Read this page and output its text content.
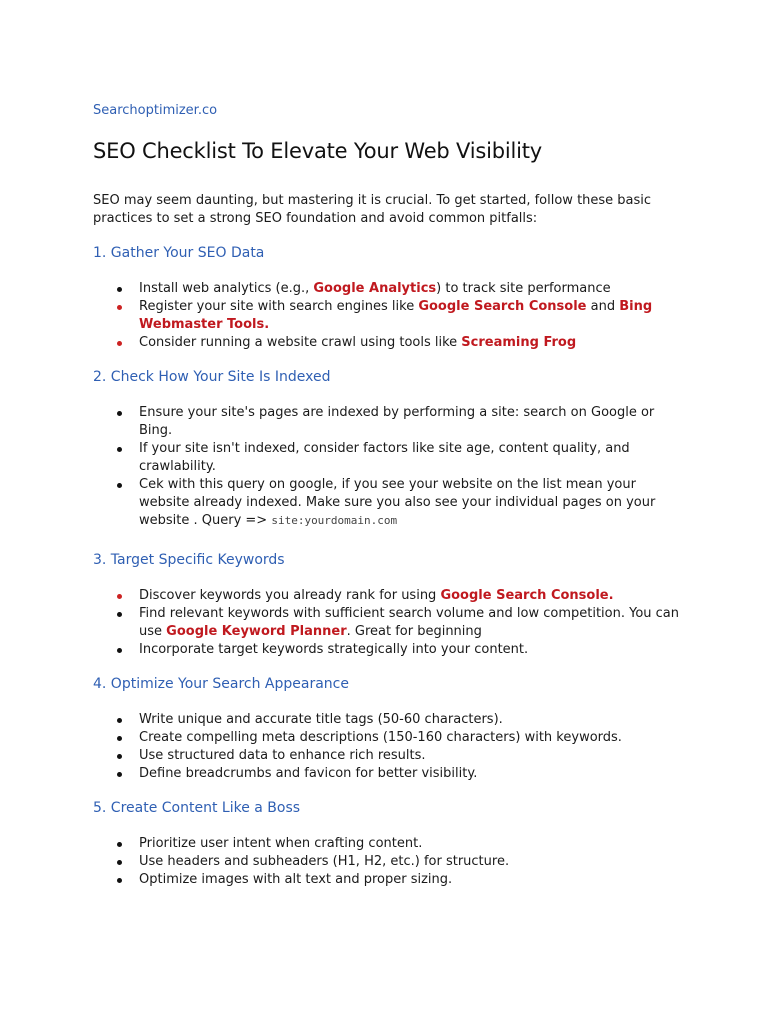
Searchoptimizer.co
SEO Checklist To Elevate Your Web Visibility

SEO may seem daunting, but mastering it is crucial. To get started, follow these basic practices to set a strong SEO foundation and avoid common pitfalls:

1. Gather Your SEO Data
Install web analytics (e.g., Google Analytics) to track site performance
Register your site with search engines like Google Search Console and Bing Webmaster Tools.
Consider running a website crawl using tools like Screaming Frog
2. Check How Your Site Is Indexed
Ensure your site's pages are indexed by performing a site: search on Google or Bing.
If your site isn't indexed, consider factors like site age, content quality, and crawlability.
Cek with this query on google, if you see your website on the list mean your website already indexed. Make sure you also see your individual pages on your website . Query => site:yourdomain.com
3. Target Specific Keywords
Discover keywords you already rank for using Google Search Console.
Find relevant keywords with sufficient search volume and low competition. You can use Google Keyword Planner. Great for beginning
Incorporate target keywords strategically into your content.
4. Optimize Your Search Appearance
Write unique and accurate title tags (50-60 characters).
Create compelling meta descriptions (150-160 characters) with keywords.
Use structured data to enhance rich results.
Define breadcrumbs and favicon for better visibility.
5. Create Content Like a Boss
Prioritize user intent when crafting content.
Use headers and subheaders (H1, H2, etc.) for structure.
Optimize images with alt text and proper sizing.
